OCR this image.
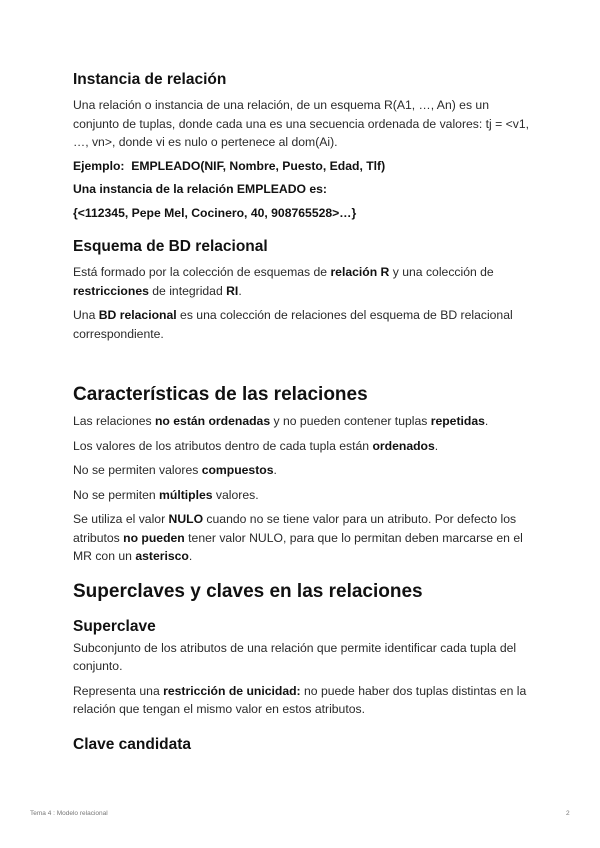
Instancia de relación

Una relación o instancia de una relación, de un esquema R(A1, …, An) es un conjunto de tuplas, donde cada una es una secuencia ordenada de valores: tj = <v1, …, vn>, donde vi es nulo o pertenece al dom(Ai).

Ejemplo: EMPLEADO(NIF, Nombre, Puesto, Edad, Tlf)

Una instancia de la relación EMPLEADO es:

{<112345, Pepe Mel, Cocinero, 40, 908765528>…}

Esquema de BD relacional

Está formado por la colección de esquemas de relación R y una colección de restricciones de integridad RI.

Una BD relacional es una colección de relaciones del esquema de BD relacional correspondiente.

Características de las relaciones

Las relaciones no están ordenadas y no pueden contener tuplas repetidas.

Los valores de los atributos dentro de cada tupla están ordenados.

No se permiten valores compuestos.

No se permiten múltiples valores.

Se utiliza el valor NULO cuando no se tiene valor para un atributo. Por defecto los atributos no pueden tener valor NULO, para que lo permitan deben marcarse en el MR con un asterisco.

Superclaves y claves en las relaciones
Superclave

Subconjunto de los atributos de una relación que permite identificar cada tupla del conjunto.

Representa una restricción de unicidad: no puede haber dos tuplas distintas en la relación que tengan el mismo valor en estos atributos.

Clave candidata
Tema 4 : Modelo relacional	2
